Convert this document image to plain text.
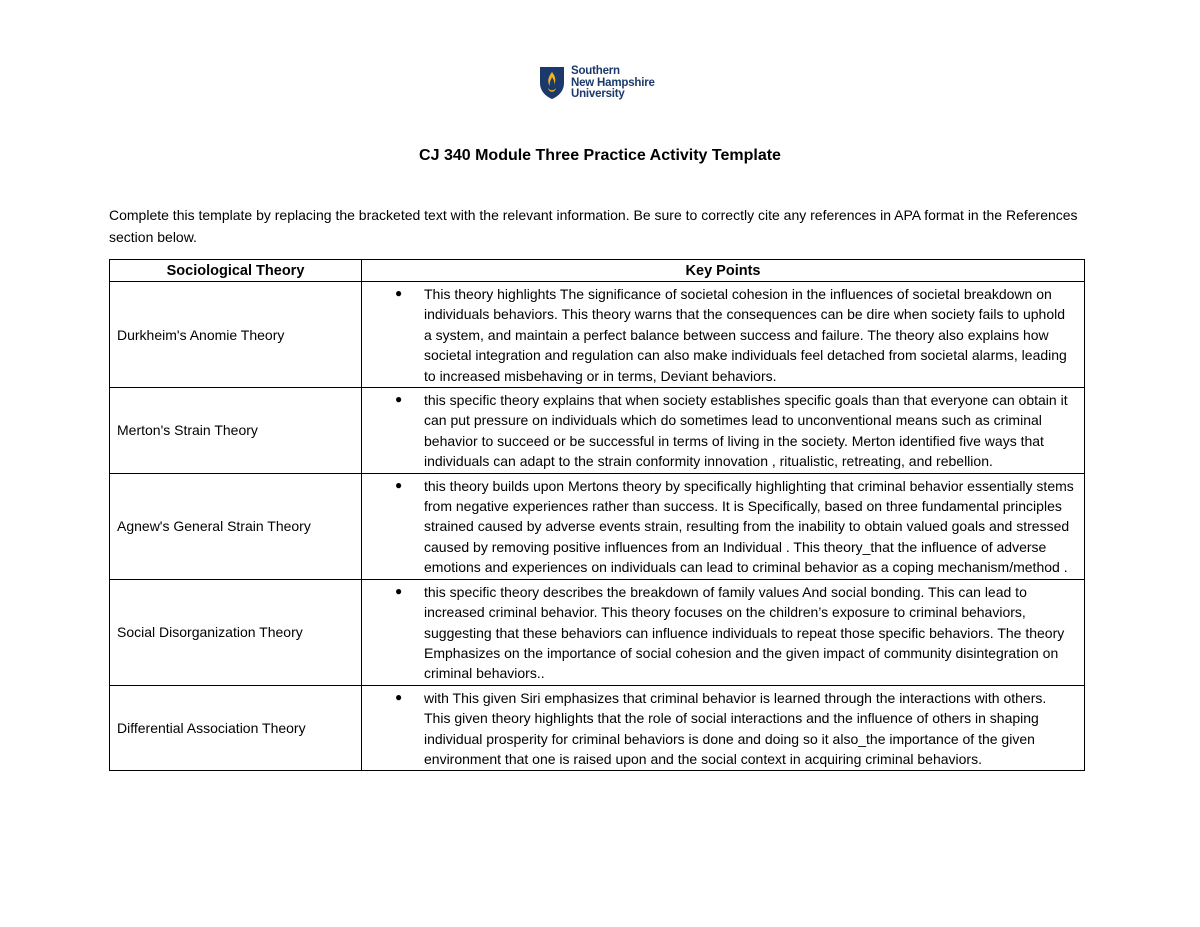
Southern
New Hampshire
University
CJ 340 Module Three Practice Activity Template
Complete this template by replacing the bracketed text with the relevant information. Be sure to correctly cite any references in APA format in the References section below.
Sociological Theory	Key Points
Durkheim's Anomie Theory	● This theory highlights The significance of societal cohesion in the influences of societal breakdown on individuals behaviors. This theory warns that the consequences can be dire when society fails to uphold a system, and maintain a perfect balance between success and failure. The theory also explains how societal integration and regulation can also make individuals feel detached from societal alarms, leading to increased misbehaving or in terms, Deviant behaviors.
Merton's Strain Theory	● this specific theory explains that when society establishes specific goals than that everyone can obtain it can put pressure on individuals which do sometimes lead to unconventional means such as criminal behavior to succeed or be successful in terms of living in the society. Merton identified five ways that individuals can adapt to the strain conformity innovation , ritualistic, retreating, and rebellion.
Agnew's General Strain Theory	● this theory builds upon Mertons theory by specifically highlighting that criminal behavior essentially stems from negative experiences rather than success. It is Specifically, based on three fundamental principles strained caused by adverse events strain, resulting from the inability to obtain valued goals and stressed caused by removing positive influences from an Individual . This theory_that the influence of adverse emotions and experiences on individuals can lead to criminal behavior as a coping mechanism/method .
Social Disorganization Theory	● this specific theory describes the breakdown of family values And social bonding. This can lead to increased criminal behavior. This theory focuses on the children’s exposure to criminal behaviors, suggesting that these behaviors can influence individuals to repeat those specific behaviors. The theory Emphasizes on the importance of social cohesion and the given impact of community disintegration on criminal behaviors..
Differential Association Theory	● with This given Siri emphasizes that criminal behavior is learned through the interactions with others. This given theory highlights that the role of social interactions and the influence of others in shaping individual prosperity for criminal behaviors is done and doing so it also_the importance of the given environment that one is raised upon and the social context in acquiring criminal behaviors.
